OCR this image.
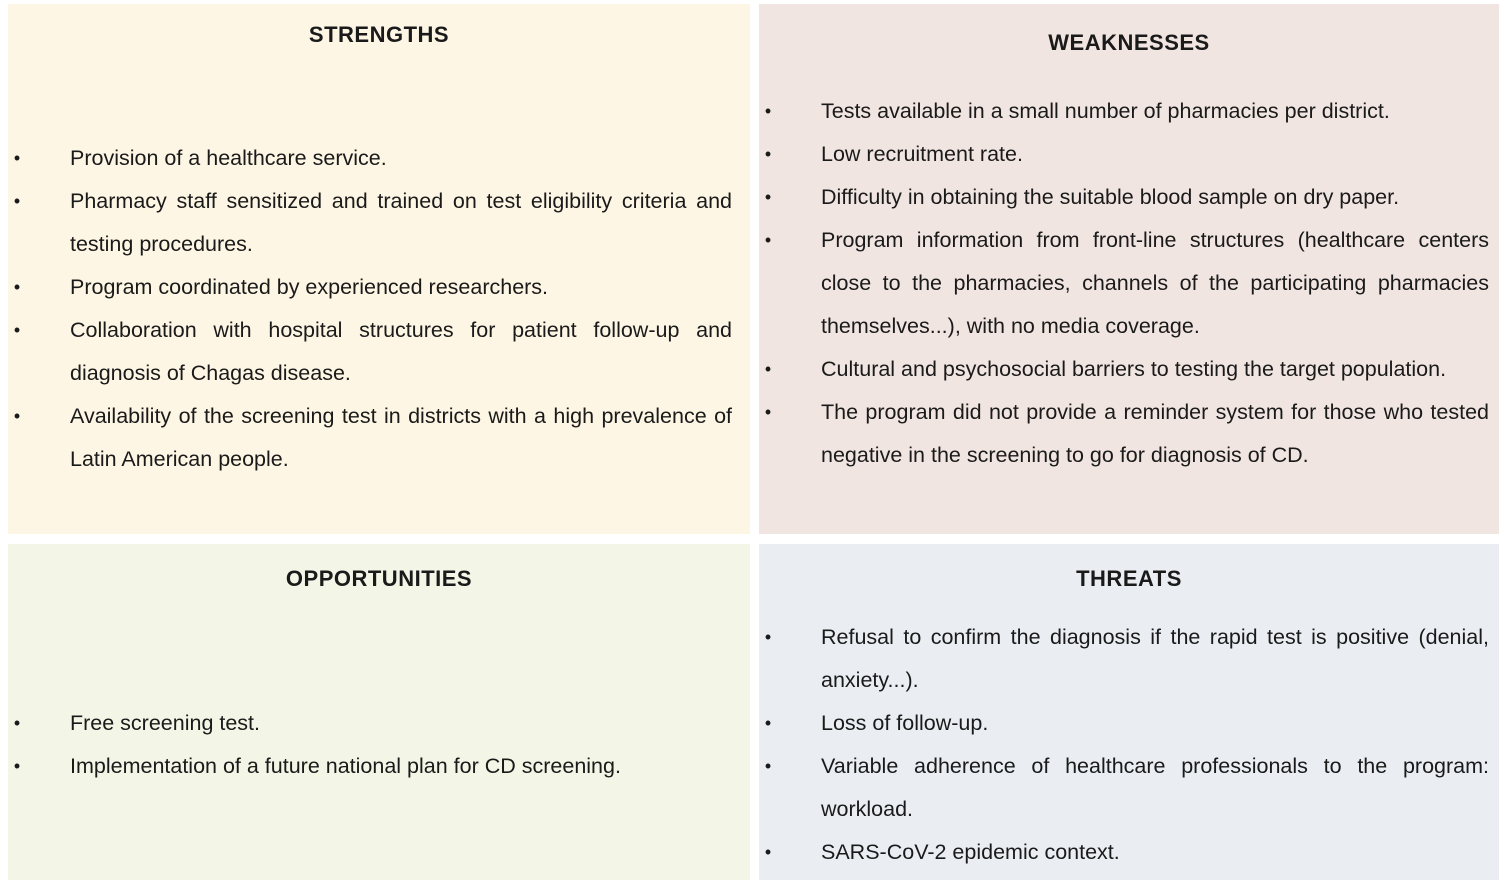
STRENGTHS
• Provision of a healthcare service.
• Pharmacy staff sensitized and trained on test eligibility criteria and testing procedures.
• Program coordinated by experienced researchers.
• Collaboration with hospital structures for patient follow-up and diagnosis of Chagas disease.
• Availability of the screening test in districts with a high prevalence of Latin American people.
WEAKNESSES
• Tests available in a small number of pharmacies per district.
• Low recruitment rate.
• Difficulty in obtaining the suitable blood sample on dry paper.
• Program information from front-line structures (healthcare centers close to the pharmacies, channels of the participating pharmacies themselves...), with no media coverage.
• Cultural and psychosocial barriers to testing the target population.
• The program did not provide a reminder system for those who tested negative in the screening to go for diagnosis of CD.
OPPORTUNITIES
• Free screening test.
• Implementation of a future national plan for CD screening.
THREATS
• Refusal to confirm the diagnosis if the rapid test is positive (denial, anxiety...).
• Loss of follow-up.
• Variable adherence of healthcare professionals to the program: workload.
• SARS-CoV-2 epidemic context.
